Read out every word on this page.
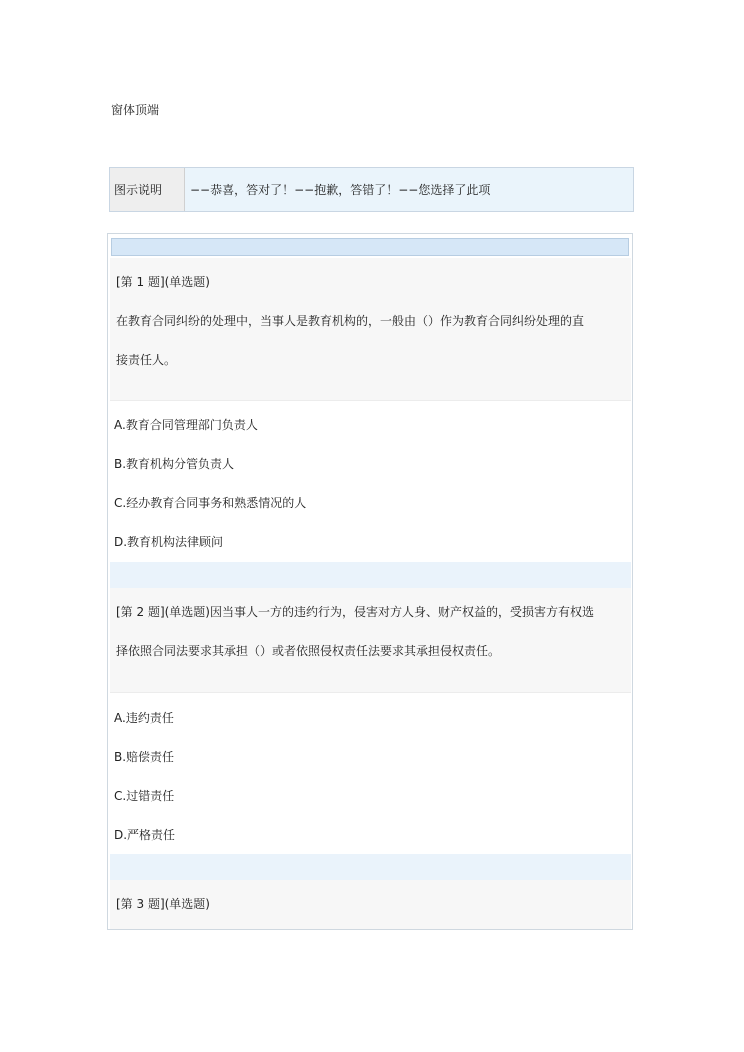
窗体顶端
图示说明	−−恭喜，答对了！−−抱歉，答错了！−−您选择了此项
[第 1 题](单选题)
在教育合同纠纷的处理中，当事人是教育机构的，一般由（）作为教育合同纠纷处理的直
接责任人。
A.教育合同管理部门负责人
B.教育机构分管负责人
C.经办教育合同事务和熟悉情况的人
D.教育机构法律顾问
[第 2 题](单选题)因当事人一方的违约行为，侵害对方人身、财产权益的，受损害方有权选
择依照合同法要求其承担（）或者依照侵权责任法要求其承担侵权责任。
A.违约责任
B.赔偿责任
C.过错责任
D.严格责任
[第 3 题](单选题)
